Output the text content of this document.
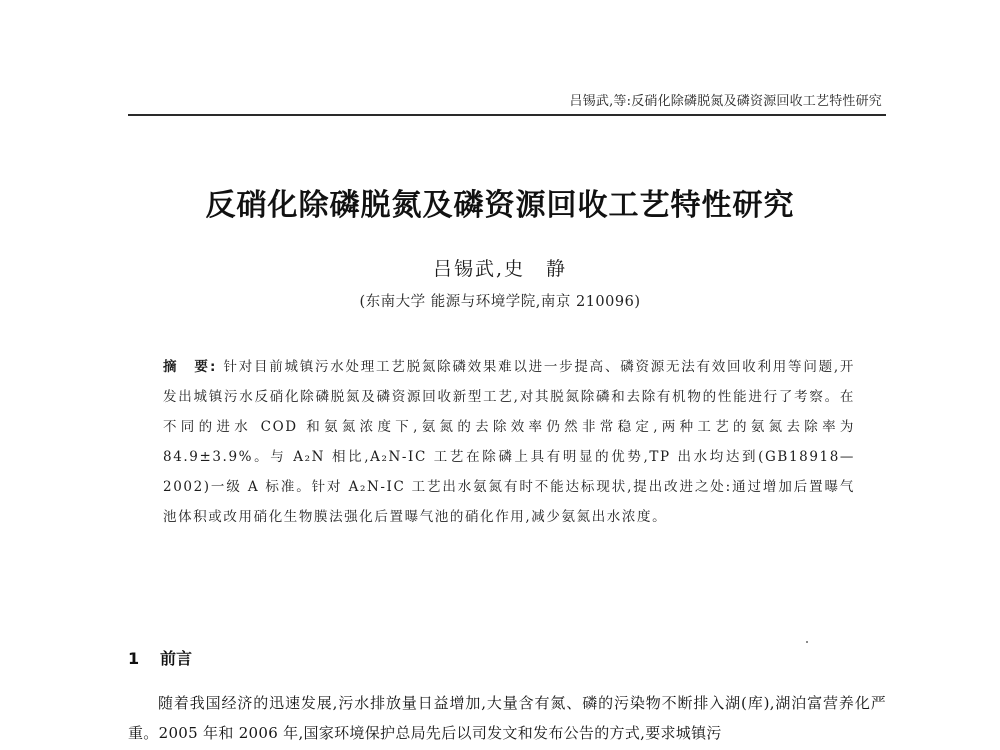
吕锡武,等:反硝化除磷脱氮及磷资源回收工艺特性研究
反硝化除磷脱氮及磷资源回收工艺特性研究
吕锡武,史　静
(东南大学 能源与环境学院,南京 210096)
摘　要: 针对目前城镇污水处理工艺脱氮除磷效果难以进一步提高、磷资源无法有效回收利用等问题,开发出城镇污水反硝化除磷脱氮及磷资源回收新型工艺,对其脱氮除磷和去除有机物的性能进行了考察。在不同的进水 COD 和氨氮浓度下,氨氮的去除效率仍然非常稳定,两种工艺的氨氮去除率为 84.9±3.9%。与 A₂N 相比,A₂N-IC 工艺在除磷上具有明显的优势,TP 出水均达到(GB18918—2002)一级 A 标准。针对 A₂N-IC 工艺出水氨氮有时不能达标现状,提出改进之处:通过增加后置曝气池体积或改用硝化生物膜法强化后置曝气池的硝化作用,减少氨氮出水浓度。
1 前言
随着我国经济的迅速发展,污水排放量日益增加,大量含有氮、磷的污染物不断排入湖(库),湖泊富营养化严重。2005 年和 2006 年,国家环境保护总局先后以司发文和发布公告的方式,要求城镇污
